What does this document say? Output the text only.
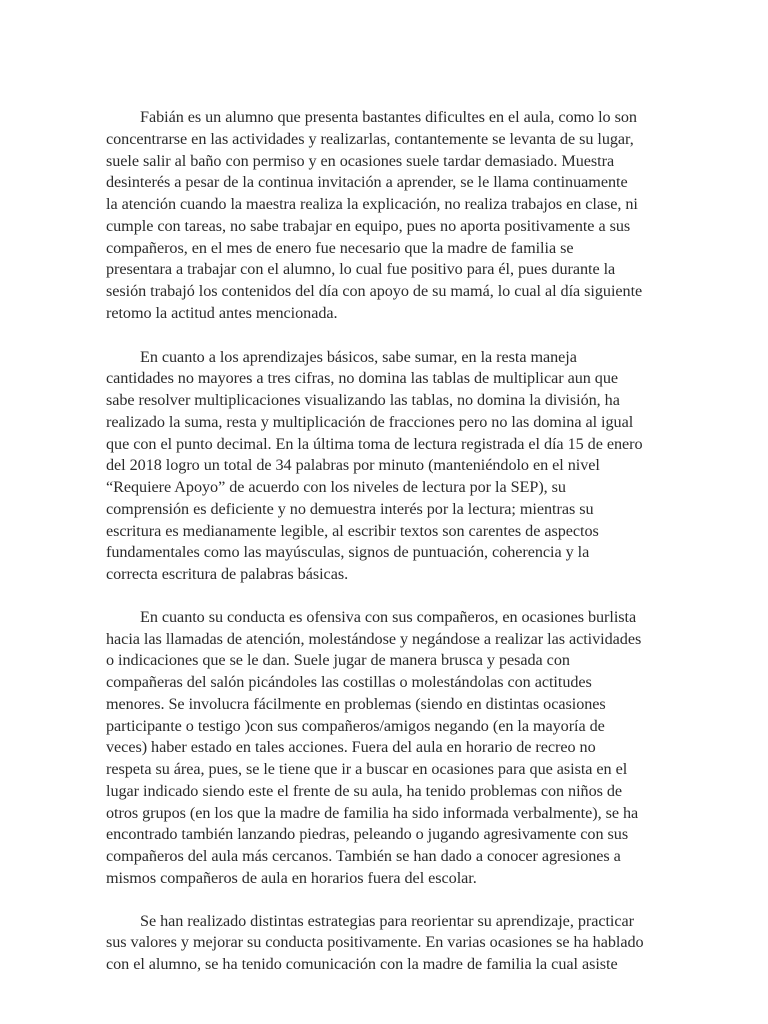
Fabián es un alumno que presenta bastantes dificultes en el aula, como lo son
concentrarse en las actividades y realizarlas, contantemente se levanta de su lugar,
suele salir al baño con permiso y en ocasiones suele tardar demasiado. Muestra
desinterés a pesar de la continua invitación a aprender, se le llama continuamente
la atención cuando la maestra realiza la explicación, no realiza trabajos en clase, ni
cumple con tareas, no sabe trabajar en equipo, pues no aporta positivamente a sus
compañeros, en el mes de enero fue necesario que la madre de familia se
presentara a trabajar con el alumno, lo cual fue positivo para él, pues durante la
sesión trabajó los contenidos del día con apoyo de su mamá, lo cual al día siguiente
retomo la actitud antes mencionada.
En cuanto a los aprendizajes básicos, sabe sumar, en la resta maneja
cantidades no mayores a tres cifras, no domina las tablas de multiplicar aun que
sabe resolver multiplicaciones visualizando las tablas, no domina la división, ha
realizado la suma, resta y multiplicación de fracciones pero no las domina al igual
que con el punto decimal. En la última toma de lectura registrada el día 15 de enero
del 2018 logro un total de 34 palabras por minuto (manteniéndolo en el nivel
“Requiere Apoyo” de acuerdo con los niveles de lectura por la SEP), su
comprensión es deficiente y no demuestra interés por la lectura; mientras su
escritura es medianamente legible, al escribir textos son carentes de aspectos
fundamentales como las mayúsculas, signos de puntuación, coherencia y la
correcta escritura de palabras básicas.
En cuanto su conducta es ofensiva con sus compañeros, en ocasiones burlista
hacia las llamadas de atención, molestándose y negándose a realizar las actividades
o indicaciones que se le dan. Suele jugar de manera brusca y pesada con
compañeras del salón picándoles las costillas o molestándolas con actitudes
menores. Se involucra fácilmente en problemas (siendo en distintas ocasiones
participante o testigo )con sus compañeros/amigos negando (en la mayoría de
veces) haber estado en tales acciones. Fuera del aula en horario de recreo no
respeta su área, pues, se le tiene que ir a buscar en ocasiones para que asista en el
lugar indicado siendo este el frente de su aula, ha tenido problemas con niños de
otros grupos (en los que la madre de familia ha sido informada verbalmente), se ha
encontrado también lanzando piedras, peleando o jugando agresivamente con sus
compañeros del aula más cercanos. También se han dado a conocer agresiones a
mismos compañeros de aula en horarios fuera del escolar.
Se han realizado distintas estrategias para reorientar su aprendizaje, practicar
sus valores y mejorar su conducta positivamente. En varias ocasiones se ha hablado
con el alumno, se ha tenido comunicación con la madre de familia la cual asiste
